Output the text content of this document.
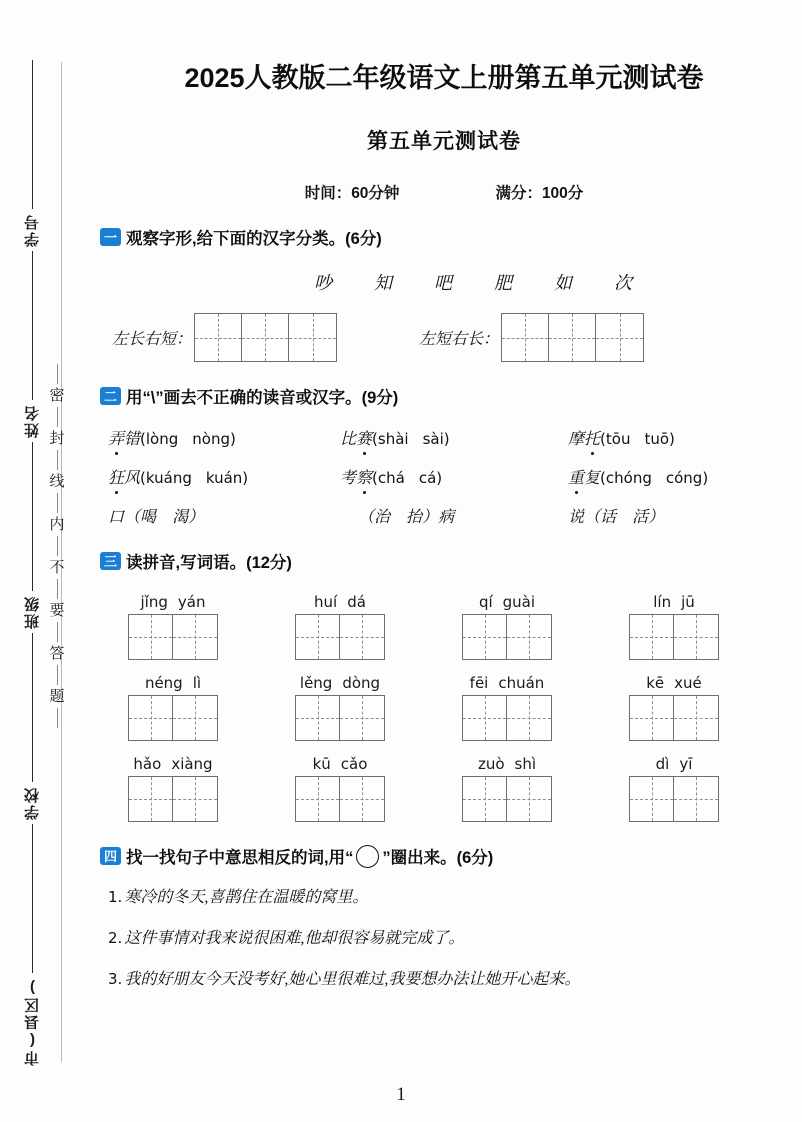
学号
姓名
班级
学校
市(县区)
密
封
线
内
不
要
答
题
2025人教版二年级语文上册第五单元测试卷
第五单元测试卷
时间：60分钟	满分：100分
一 观察字形,给下面的汉字分类。(6分)
吵 知 吧 肥 如 次
左长右短：	左短右长：
二 用“\”画去不正确的读音或汉字。(9分)
弄错(lòng nòng)	比赛(shài sài)	摩托(tōu tuō)
狂风(kuáng kuán)	考察(chá cá)	重复(chóng cóng)
口（喝　 渴）	（治　 抬）病	说（话　 活）
三 读拼音,写词语。(12分)
jǐng yán	huí dá	qí guài	lín jū
néng lì	lěng dòng	fēi chuán	kē xué
hǎo xiàng	kū cǎo	zuò shì	dì yī
四 找一找句子中意思相反的词,用“ ○ ”圈出来。(6分)
1. 寒冷的冬天,喜鹊住在温暖的窝里。
2. 这件事情对我来说很困难,他却很容易就完成了。
3. 我的好朋友今天没考好,她心里很难过,我要想办法让她开心起来。
1
